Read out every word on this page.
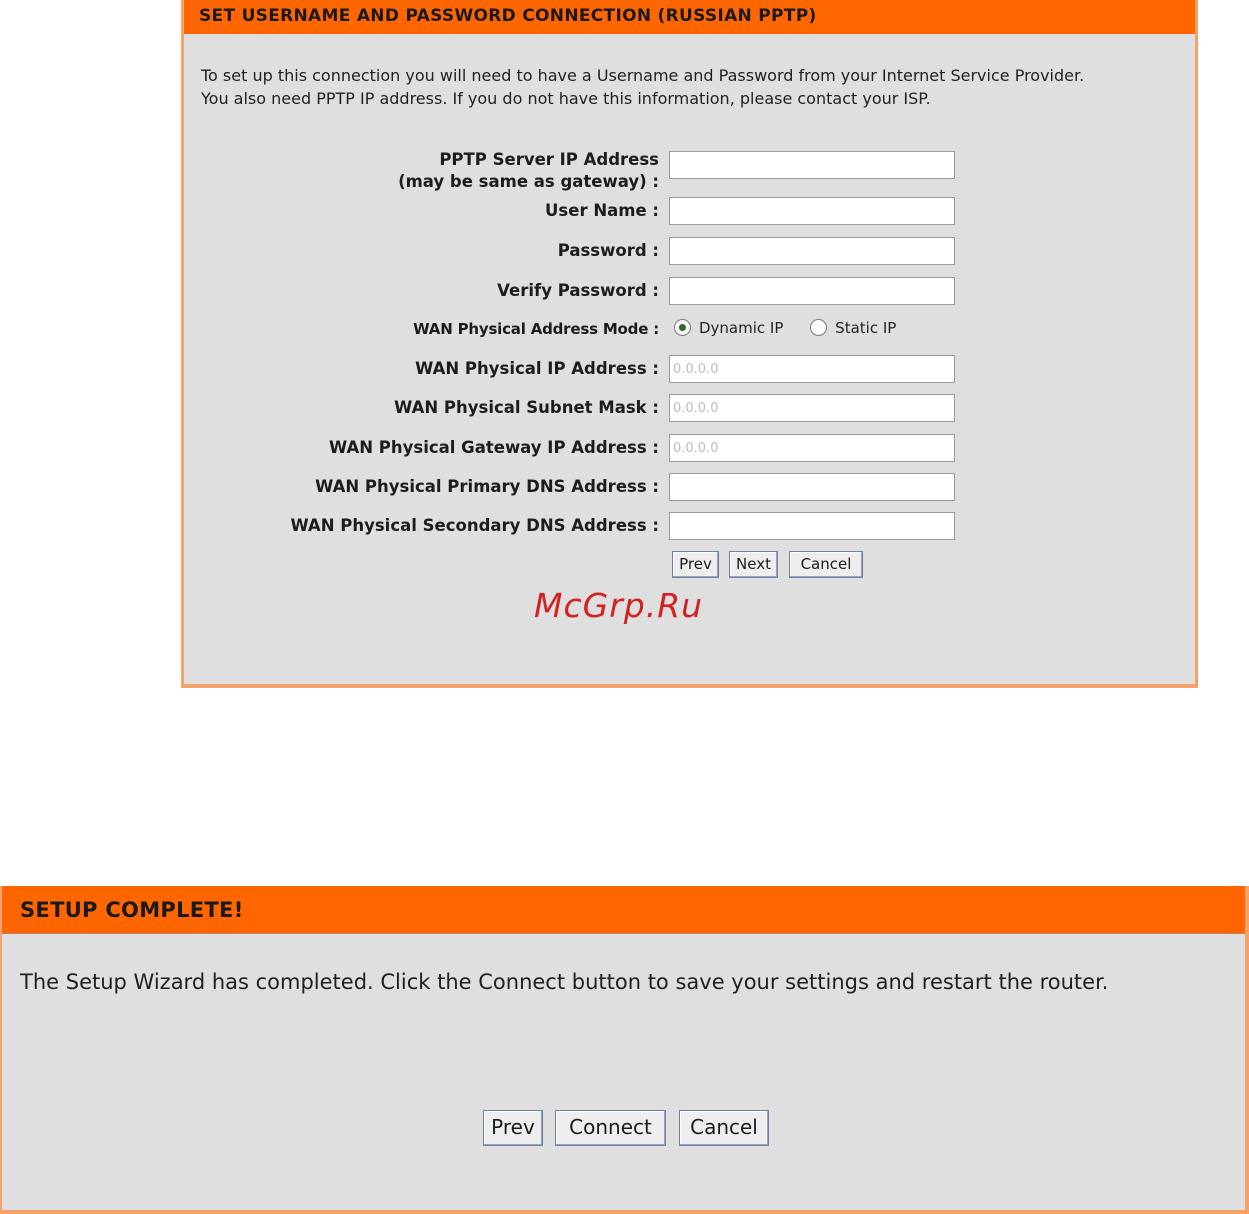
SET USERNAME AND PASSWORD CONNECTION (RUSSIAN PPTP)
To set up this connection you will need to have a Username and Password from your Internet Service Provider.
You also need PPTP IP address. If you do not have this information, please contact your ISP.
PPTP Server IP Address
(may be same as gateway) :
User Name :
Password :
Verify Password :
WAN Physical Address Mode :	Dynamic IP	Static IP
WAN Physical IP Address :
0.0.0.0
WAN Physical Subnet Mask :
0.0.0.0
WAN Physical Gateway IP Address :
0.0.0.0
WAN Physical Primary DNS Address :
WAN Physical Secondary DNS Address :
Prev	Next	Cancel
McGrp.Ru
SETUP COMPLETE!
The Setup Wizard has completed. Click the Connect button to save your settings and restart the router.
Prev	Connect	Cancel
